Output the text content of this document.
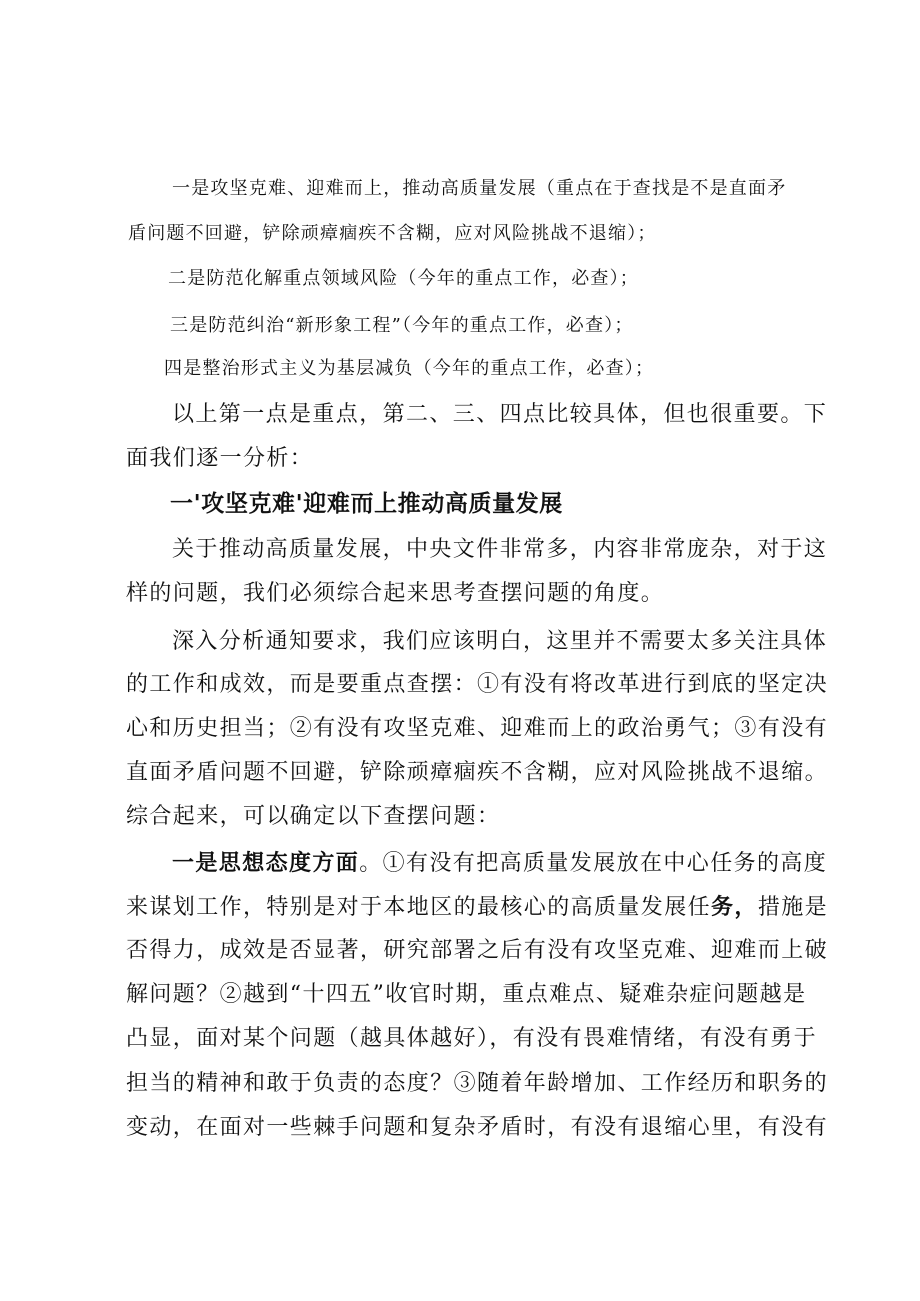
一是攻坚克难、迎难而上，推动高质量发展（重点在于查找是不是直面矛

盾问题不回避，铲除顽瘴痼疾不含糊，应对风险挑战不退缩）；

二是防范化解重点领域风险（今年的重点工作，必查）；

三是防范纠治“新形象工程”（今年的重点工作，必查）；

四是整治形式主义为基层减负（今年的重点工作，必查）；

以上第一点是重点，第二、三、四点比较具体，但也很重要。下

面我们逐一分析：

一'攻坚克难'迎难而上推动高质量发展

关于推动高质量发展，中央文件非常多，内容非常庞杂，对于这

样的问题，我们必须综合起来思考查摆问题的角度。

深入分析通知要求，我们应该明白，这里并不需要太多关注具体

的工作和成效，而是要重点查摆：①有没有将改革进行到底的坚定决

心和历史担当；②有没有攻坚克难、迎难而上的政治勇气；③有没有

直面矛盾问题不回避，铲除顽瘴痼疾不含糊，应对风险挑战不退缩。

综合起来，可以确定以下查摆问题：

一是思想态度方面。①有没有把高质量发展放在中心任务的高度

来谋划工作，特别是对于本地区的最核心的高质量发展任务，措施是

否得力，成效是否显著，研究部署之后有没有攻坚克难、迎难而上破

解问题？②越到“十四五”收官时期，重点难点、疑难杂症问题越是

凸显，面对某个问题（越具体越好），有没有畏难情绪，有没有勇于

担当的精神和敢于负责的态度？③随着年龄增加、工作经历和职务的

变动，在面对一些棘手问题和复杂矛盾时，有没有退缩心里，有没有
